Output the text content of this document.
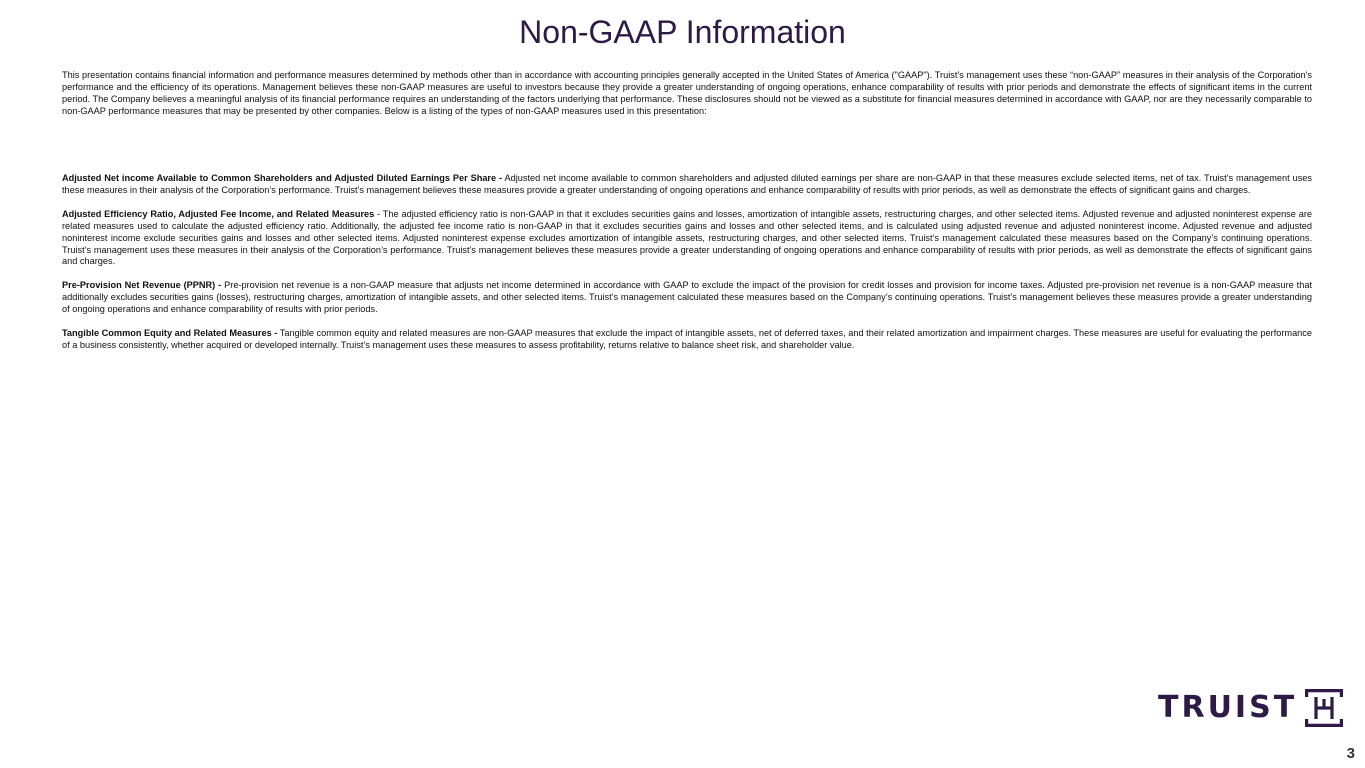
Non-GAAP Information

This presentation contains financial information and performance measures determined by methods other than in accordance with accounting principles generally accepted in the United States of America ("GAAP"). Truist’s management uses these “non-GAAP” measures in their analysis of the Corporation's performance and the efficiency of its operations. Management believes these non-GAAP measures are useful to investors because they provide a greater understanding of ongoing operations, enhance comparability of results with prior periods and demonstrate the effects of significant items in the current period. The Company believes a meaningful analysis of its financial performance requires an understanding of the factors underlying that performance. These disclosures should not be viewed as a substitute for financial measures determined in accordance with GAAP, nor are they necessarily comparable to non-GAAP performance measures that may be presented by other companies. Below is a listing of the types of non-GAAP measures used in this presentation:

Adjusted Net income Available to Common Shareholders and Adjusted Diluted Earnings Per Share - Adjusted net income available to common shareholders and adjusted diluted earnings per share are non-GAAP in that these measures exclude selected items, net of tax. Truist’s management uses these measures in their analysis of the Corporation’s performance. Truist’s management believes these measures provide a greater understanding of ongoing operations and enhance comparability of results with prior periods, as well as demonstrate the effects of significant gains and charges.

Adjusted Efficiency Ratio, Adjusted Fee Income, and Related Measures - The adjusted efficiency ratio is non-GAAP in that it excludes securities gains and losses, amortization of intangible assets, restructuring charges, and other selected items. Adjusted revenue and adjusted noninterest expense are related measures used to calculate the adjusted efficiency ratio. Additionally, the adjusted fee income ratio is non-GAAP in that it excludes securities gains and losses and other selected items, and is calculated using adjusted revenue and adjusted noninterest income. Adjusted revenue and adjusted noninterest income exclude securities gains and losses and other selected items. Adjusted noninterest expense excludes amortization of intangible assets, restructuring charges, and other selected items. Truist’s management calculated these measures based on the Company’s continuing operations. Truist’s management uses these measures in their analysis of the Corporation’s performance. Truist’s management believes these measures provide a greater understanding of ongoing operations and enhance comparability of results with prior periods, as well as demonstrate the effects of significant gains and charges.

Pre-Provision Net Revenue (PPNR) - Pre-provision net revenue is a non-GAAP measure that adjusts net income determined in accordance with GAAP to exclude the impact of the provision for credit losses and provision for income taxes. Adjusted pre-provision net revenue is a non-GAAP measure that additionally excludes securities gains (losses), restructuring charges, amortization of intangible assets, and other selected items. Truist’s management calculated these measures based on the Company’s continuing operations. Truist’s management believes these measures provide a greater understanding of ongoing operations and enhance comparability of results with prior periods.

Tangible Common Equity and Related Measures - Tangible common equity and related measures are non-GAAP measures that exclude the impact of intangible assets, net of deferred taxes, and their related amortization and impairment charges. These measures are useful for evaluating the performance of a business consistently, whether acquired or developed internally. Truist’s management uses these measures to assess profitability, returns relative to balance sheet risk, and shareholder value.

TRUIST
3
